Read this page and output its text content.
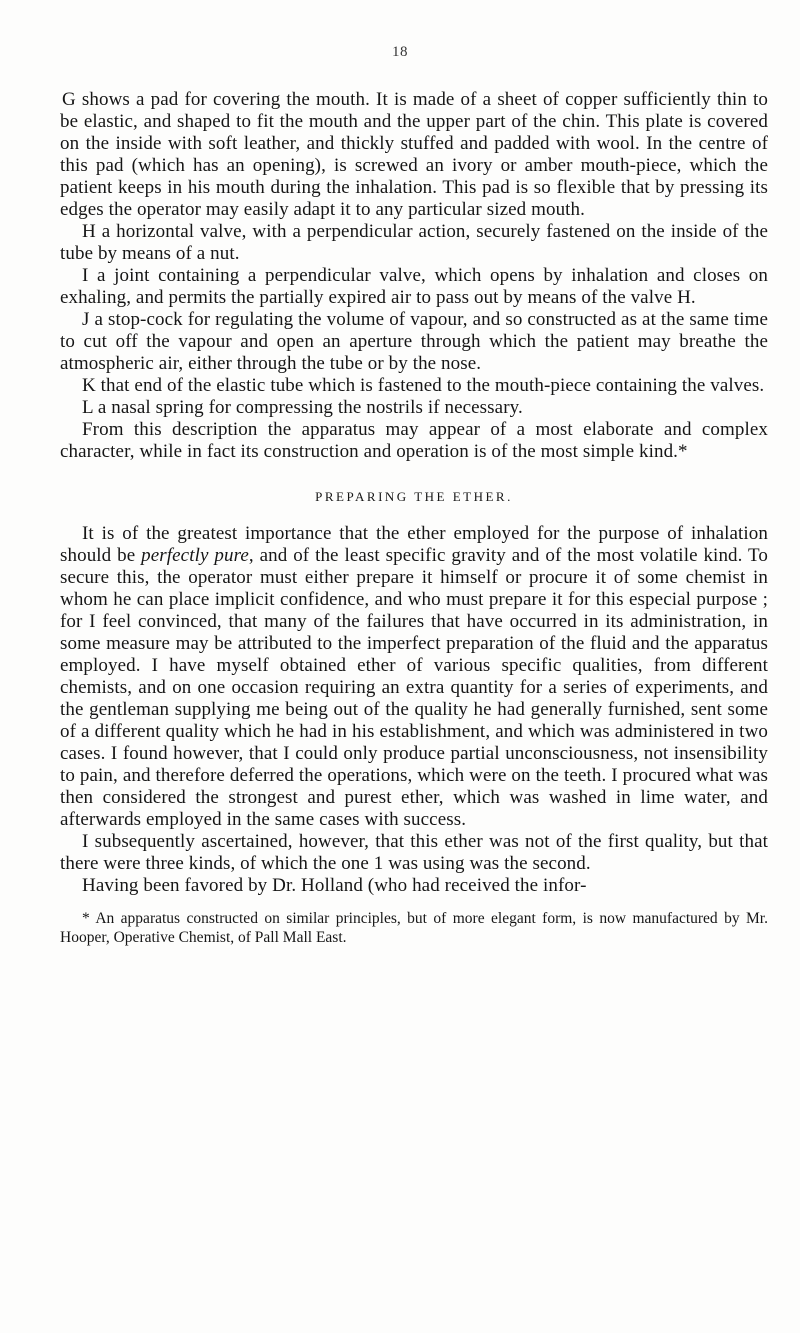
18

G shows a pad for covering the mouth. It is made of a sheet of copper sufficiently thin to be elastic, and shaped to fit the mouth and the upper part of the chin. This plate is covered on the inside with soft leather, and thickly stuffed and padded with wool. In the centre of this pad (which has an opening), is screwed an ivory or amber mouth-piece, which the patient keeps in his mouth during the inhalation. This pad is so flexible that by pressing its edges the operator may easily adapt it to any particular sized mouth.

H a horizontal valve, with a perpendicular action, securely fastened on the inside of the tube by means of a nut.

I a joint containing a perpendicular valve, which opens by inhalation and closes on exhaling, and permits the partially expired air to pass out by means of the valve H.

J a stop-cock for regulating the volume of vapour, and so constructed as at the same time to cut off the vapour and open an aperture through which the patient may breathe the atmospheric air, either through the tube or by the nose.

K that end of the elastic tube which is fastened to the mouth-piece containing the valves.

L a nasal spring for compressing the nostrils if necessary.

From this description the apparatus may appear of a most elaborate and complex character, while in fact its construction and operation is of the most simple kind.*

PREPARING THE ETHER.

It is of the greatest importance that the ether employed for the purpose of inhalation should be perfectly pure, and of the least specific gravity and of the most volatile kind. To secure this, the operator must either prepare it himself or procure it of some chemist in whom he can place implicit confidence, and who must prepare it for this especial purpose ; for I feel convinced, that many of the failures that have occurred in its administration, in some measure may be attributed to the imperfect preparation of the fluid and the apparatus employed. I have myself obtained ether of various specific qualities, from different chemists, and on one occasion requiring an extra quantity for a series of experiments, and the gentleman supplying me being out of the quality he had generally furnished, sent some of a different quality which he had in his establishment, and which was administered in two cases. I found however, that I could only produce partial unconsciousness, not insensibility to pain, and therefore deferred the operations, which were on the teeth. I procured what was then considered the strongest and purest ether, which was washed in lime water, and afterwards employed in the same cases with success.

I subsequently ascertained, however, that this ether was not of the first quality, but that there were three kinds, of which the one 1 was using was the second.

Having been favored by Dr. Holland (who had received the infor-

* An apparatus constructed on similar principles, but of more elegant form, is now manufactured by Mr. Hooper, Operative Chemist, of Pall Mall East.
